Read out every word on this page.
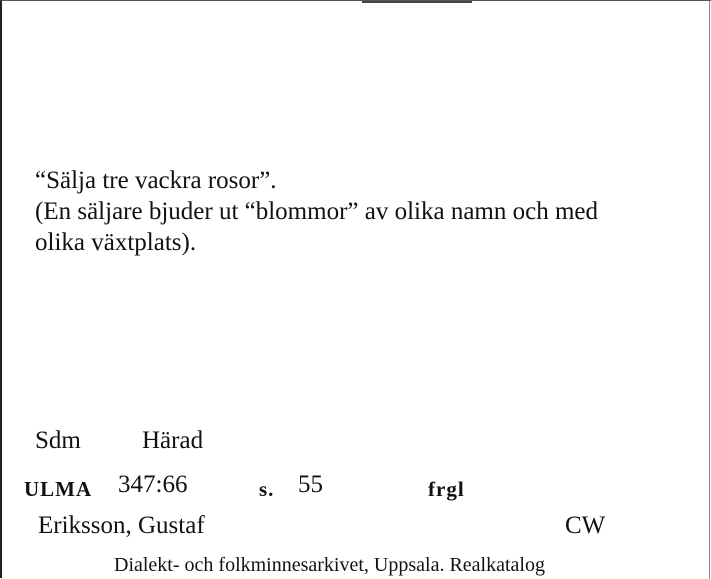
“Sälja tre vackra rosor”.
(En säljare bjuder ut “blommor” av olika namn och med
olika växtplats).
Sdm Härad
ULMA 347:66	s. 55	frgl
Eriksson, Gustaf	CW
Dialekt- och folkminnesarkivet, Uppsala. Realkatalog
